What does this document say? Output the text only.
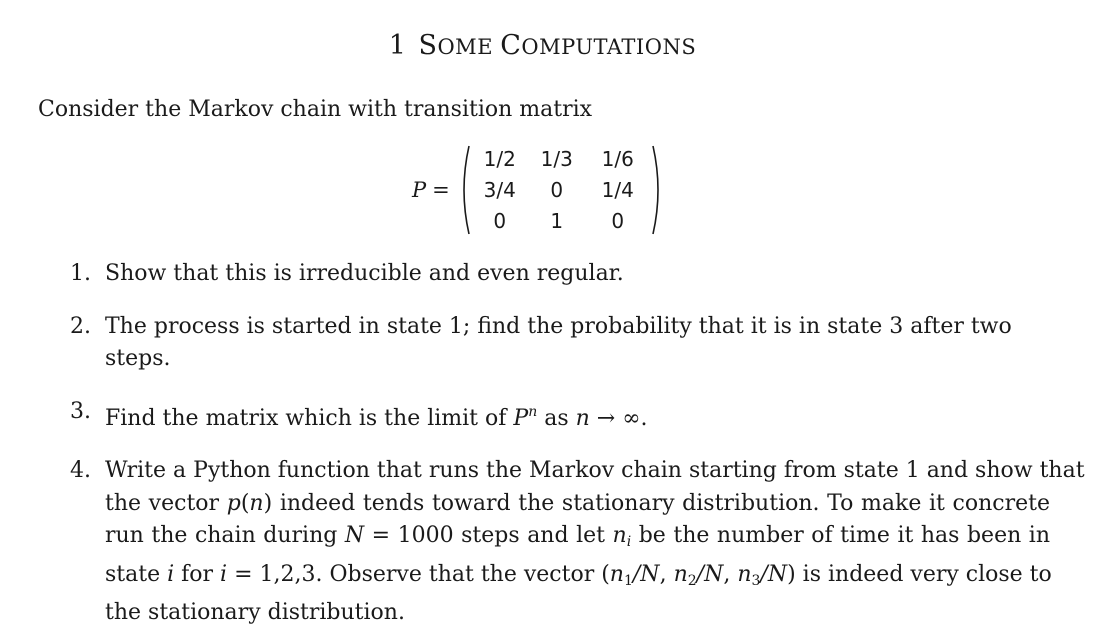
1 SOME COMPUTATIONS
Consider the Markov chain with transition matrix
P =
1/2 1/3 1/6
3/4 0 1/4
0 1 0
1. Show that this is irreducible and even regular.
2. The process is started in state 1; find the probability that it is in state 3 after two steps.
3. Find the matrix which is the limit of $P^n$ as n → ∞.
4. Write a Python function that runs the Markov chain starting from state 1 and show that
the vector p(n) indeed tends toward the stationary distribution. To make it concrete
run the chain during N = 1000 steps and let $n_i$ be the number of time it has been in
state i for i = 1,2,3. Observe that the vector ($n_1/N$, $n_2/N$, $n_3/N$) is indeed very close to
the stationary distribution.
